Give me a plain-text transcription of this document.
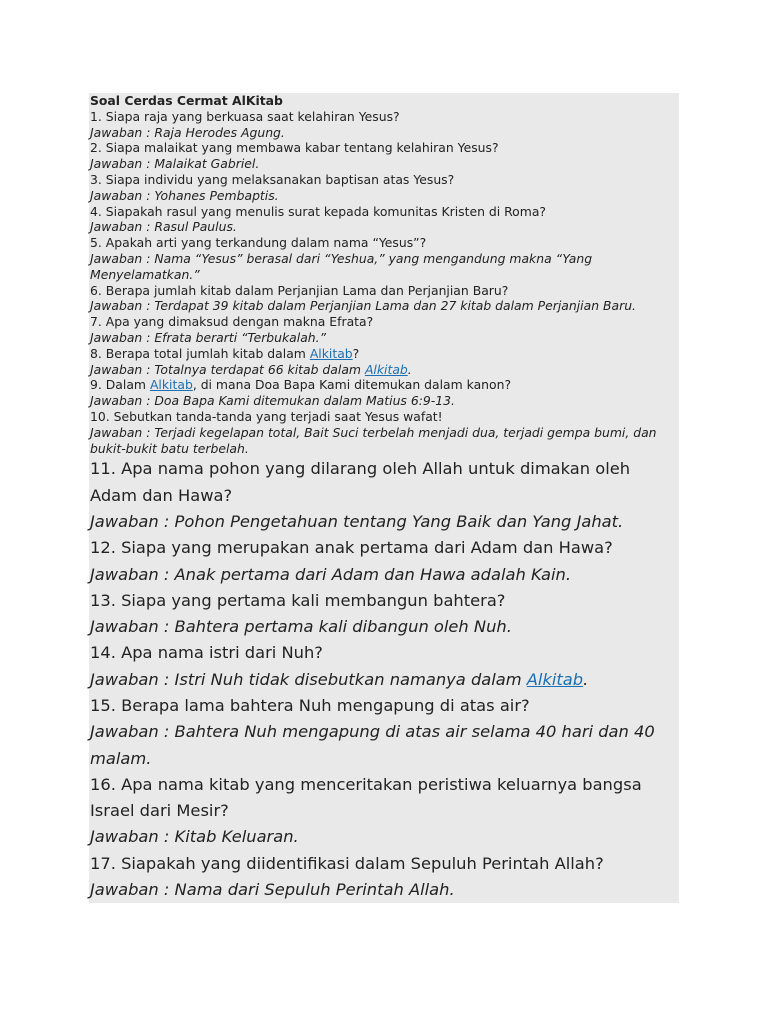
Soal Cerdas Cermat AlKitab
1. Siapa raja yang berkuasa saat kelahiran Yesus?
Jawaban : Raja Herodes Agung.
2. Siapa malaikat yang membawa kabar tentang kelahiran Yesus?
Jawaban : Malaikat Gabriel.
3. Siapa individu yang melaksanakan baptisan atas Yesus?
Jawaban : Yohanes Pembaptis.
4. Siapakah rasul yang menulis surat kepada komunitas Kristen di Roma?
Jawaban : Rasul Paulus.
5. Apakah arti yang terkandung dalam nama “Yesus”?
Jawaban : Nama “Yesus” berasal dari “Yeshua,” yang mengandung makna “Yang Menyelamatkan.”
6. Berapa jumlah kitab dalam Perjanjian Lama dan Perjanjian Baru?
Jawaban : Terdapat 39 kitab dalam Perjanjian Lama dan 27 kitab dalam Perjanjian Baru.
7. Apa yang dimaksud dengan makna Efrata?
Jawaban : Efrata berarti “Terbukalah.”
8. Berapa total jumlah kitab dalam Alkitab?
Jawaban : Totalnya terdapat 66 kitab dalam Alkitab.
9. Dalam Alkitab, di mana Doa Bapa Kami ditemukan dalam kanon?
Jawaban : Doa Bapa Kami ditemukan dalam Matius 6:9-13.
10. Sebutkan tanda-tanda yang terjadi saat Yesus wafat!
Jawaban : Terjadi kegelapan total, Bait Suci terbelah menjadi dua, terjadi gempa bumi, dan bukit-bukit batu terbelah.
11. Apa nama pohon yang dilarang oleh Allah untuk dimakan oleh Adam dan Hawa?
Jawaban : Pohon Pengetahuan tentang Yang Baik dan Yang Jahat.
12. Siapa yang merupakan anak pertama dari Adam dan Hawa?
Jawaban : Anak pertama dari Adam dan Hawa adalah Kain.
13. Siapa yang pertama kali membangun bahtera?
Jawaban : Bahtera pertama kali dibangun oleh Nuh.
14. Apa nama istri dari Nuh?
Jawaban : Istri Nuh tidak disebutkan namanya dalam Alkitab.
15. Berapa lama bahtera Nuh mengapung di atas air?
Jawaban : Bahtera Nuh mengapung di atas air selama 40 hari dan 40 malam.
16. Apa nama kitab yang menceritakan peristiwa keluarnya bangsa Israel dari Mesir?
Jawaban : Kitab Keluaran.
17. Siapakah yang diidentifikasi dalam Sepuluh Perintah Allah?
Jawaban : Nama dari Sepuluh Perintah Allah.
